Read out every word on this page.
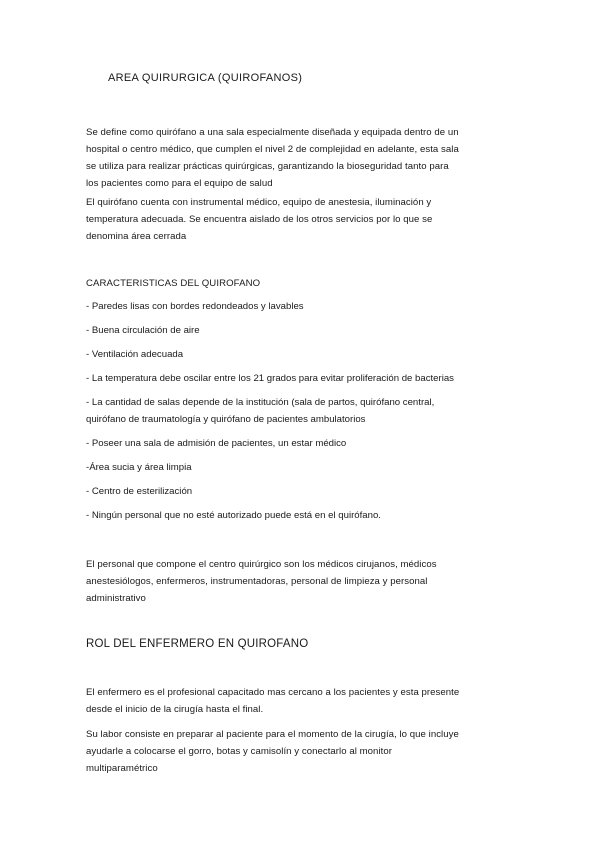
AREA QUIRURGICA (QUIROFANOS)

Se define como quirófano a una sala especialmente diseñada y equipada dentro de un
hospital o centro médico, que cumplen el nivel 2 de complejidad en adelante, esta sala
se utiliza para realizar prácticas quirúrgicas, garantizando la bioseguridad tanto para
los pacientes como para el equipo de salud

El quirófano cuenta con instrumental médico, equipo de anestesia, iluminación y
temperatura adecuada. Se encuentra aislado de los otros servicios por lo que se
denomina área cerrada

CARACTERISTICAS DEL QUIROFANO
- Paredes lisas con bordes redondeados y lavables
- Buena circulación de aire
- Ventilación adecuada
- La temperatura debe oscilar entre los 21 grados para evitar proliferación de bacterias
- La cantidad de salas depende de la institución (sala de partos, quirófano central,
quirófano de traumatología y quirófano de pacientes ambulatorios
- Poseer una sala de admisión de pacientes, un estar médico
-Área sucia y área limpia
- Centro de esterilización
- Ningún personal que no esté autorizado puede está en el quirófano.

El personal que compone el centro quirúrgico son los médicos cirujanos, médicos
anestesiólogos, enfermeros, instrumentadoras, personal de limpieza y personal
administrativo

ROL DEL ENFERMERO EN QUIROFANO

El enfermero es el profesional capacitado mas cercano a los pacientes y esta presente
desde el inicio de la cirugía hasta el final.

Su labor consiste en preparar al paciente para el momento de la cirugía, lo que incluye
ayudarle a colocarse el gorro, botas y camisolín y conectarlo al monitor
multiparamétrico
